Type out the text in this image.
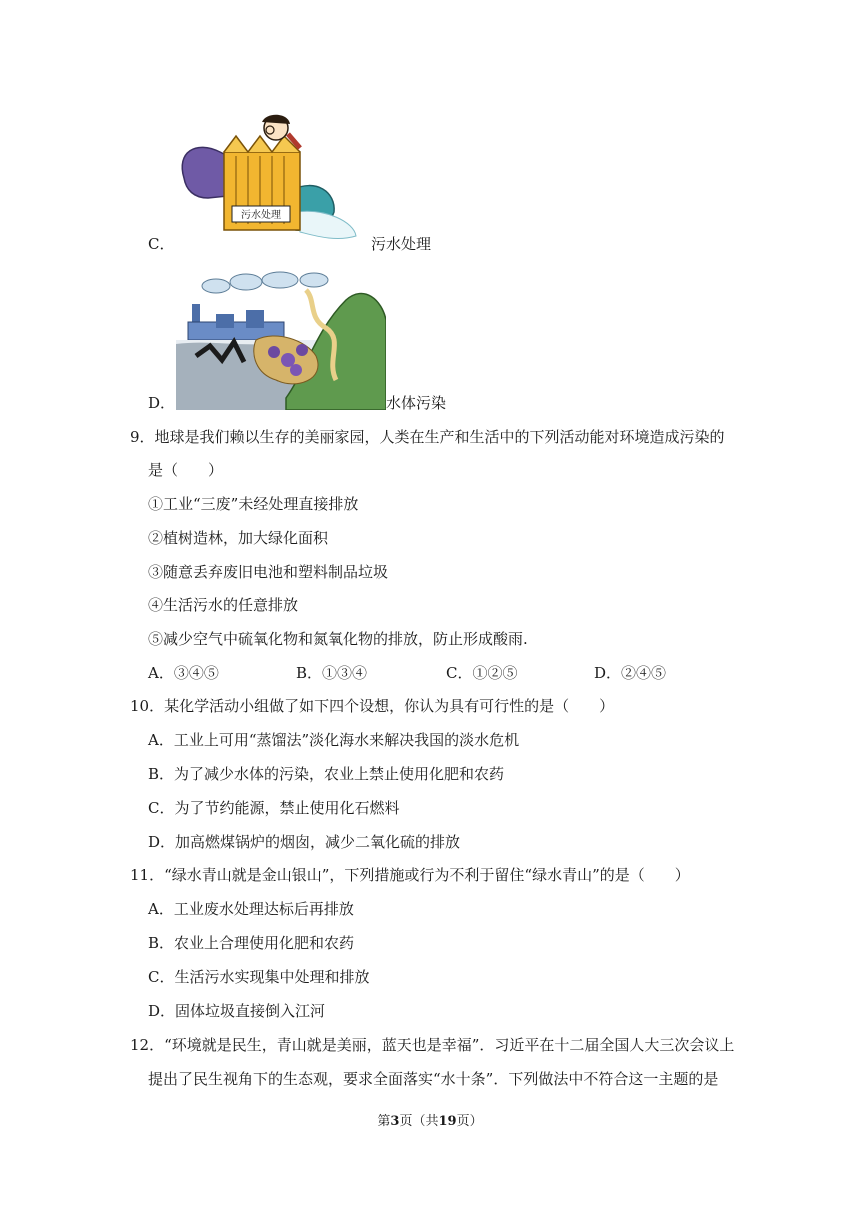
污水处理
C．	污水处理
D．	水体污染
9．地球是我们赖以生存的美丽家园，人类在生产和生活中的下列活动能对环境造成污染的
是（　　）
①工业“三废”未经处理直接排放
②植树造林，加大绿化面积
③随意丢弃废旧电池和塑料制品垃圾
④生活污水的任意排放
⑤减少空气中硫氧化物和氮氧化物的排放，防止形成酸雨.
A．③④⑤	B．①③④	C．①②⑤	D．②④⑤
10．某化学活动小组做了如下四个设想，你认为具有可行性的是（　　）
A．工业上可用“蒸馏法”淡化海水来解决我国的淡水危机
B．为了减少水体的污染，农业上禁止使用化肥和农药
C．为了节约能源，禁止使用化石燃料
D．加高燃煤锅炉的烟囱，减少二氧化硫的排放
11．“绿水青山就是金山银山”，下列措施或行为不利于留住“绿水青山”的是（　　）
A．工业废水处理达标后再排放
B．农业上合理使用化肥和农药
C．生活污水实现集中处理和排放
D．固体垃圾直接倒入江河
12．“环境就是民生，青山就是美丽，蓝天也是幸福”．习近平在十二届全国人大三次会议上
提出了民生视角下的生态观，要求全面落实“水十条”．下列做法中不符合这一主题的是
第3页（共19页）
